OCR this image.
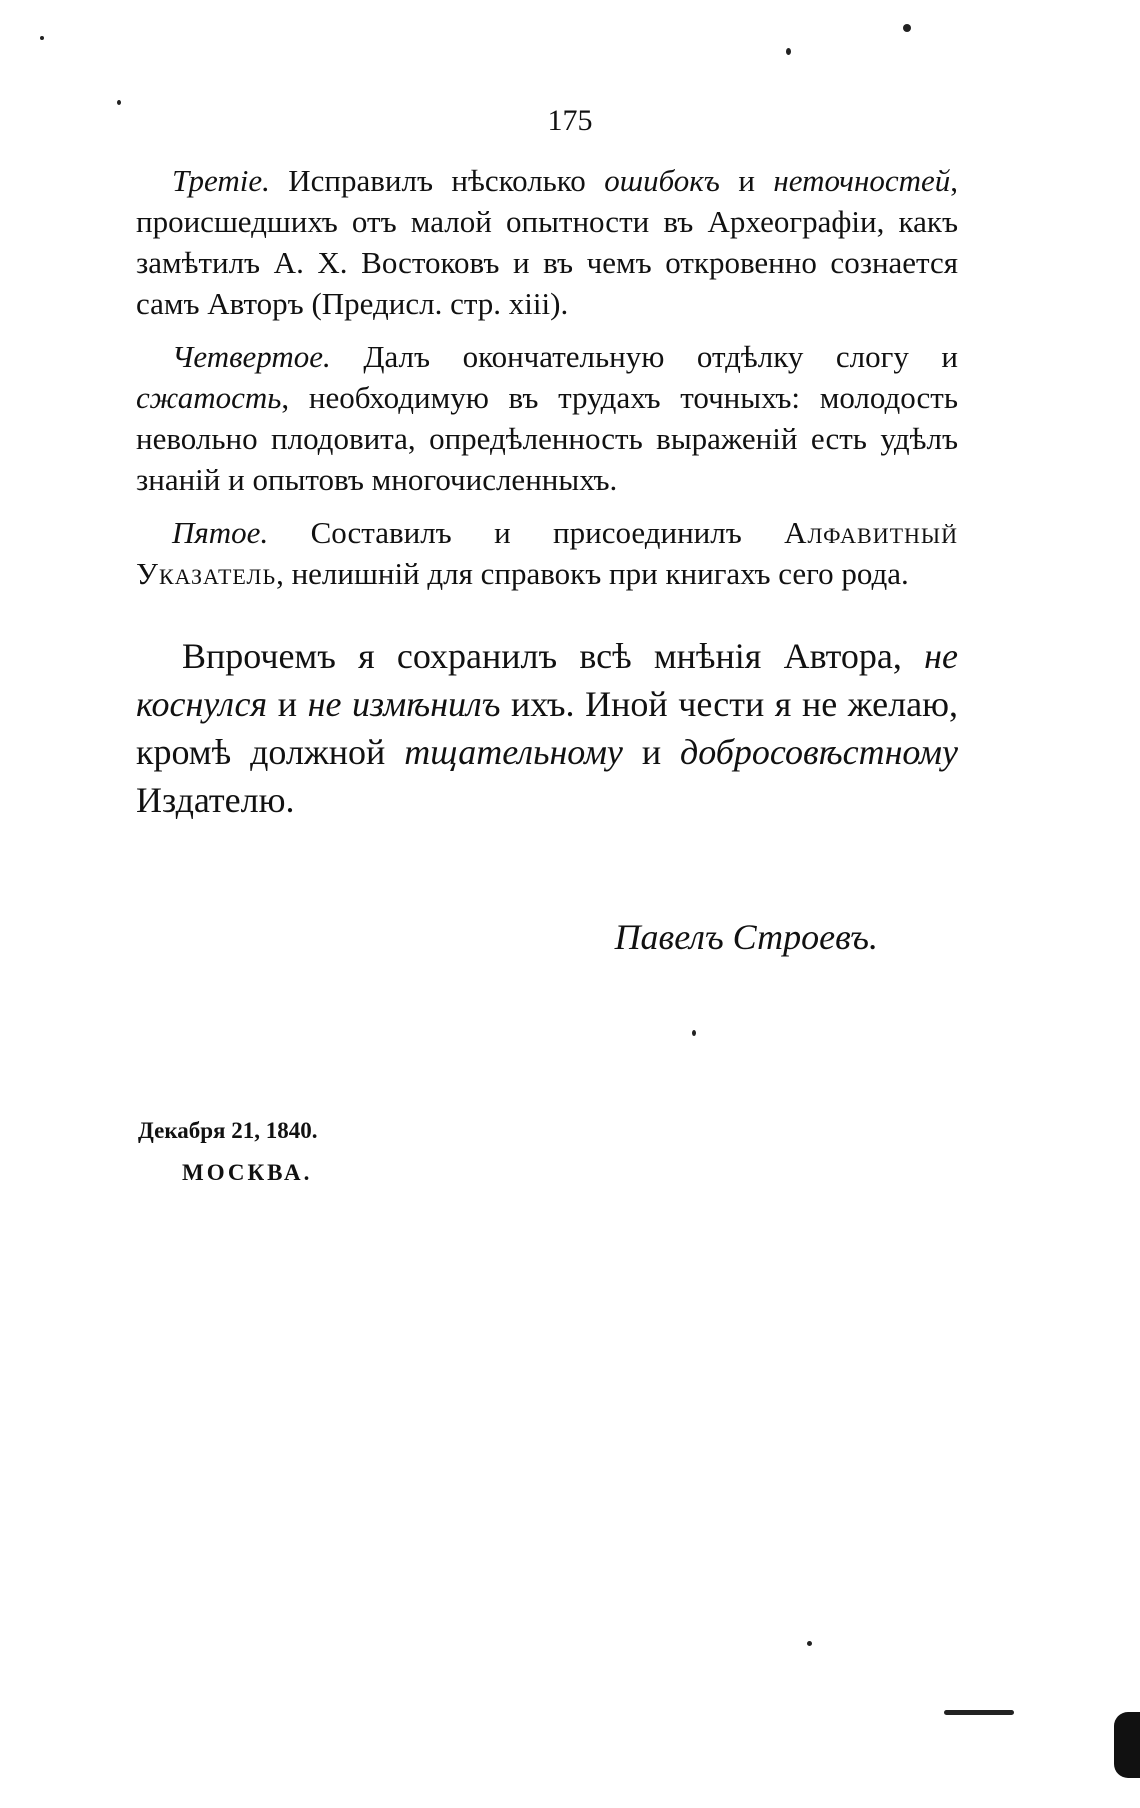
175

Третіе. Исправилъ нѣсколько ошибокъ и неточностей, происшедшихъ отъ малой опытности въ Археографіи, какъ замѣтилъ А. Х. Востоковъ и въ чемъ откровенно сознается самъ Авторъ (Предисл. стр. xiii).

Четвертое. Далъ окончательную отдѣлку слогу и сжатость, необходимую въ трудахъ точныхъ: молодость невольно плодовита, опредѣленность выраженій есть удѣлъ знаній и опытовъ многочисленныхъ.

Пятое. Составилъ и присоединилъ Алфавитный Указатель, нелишній для справокъ при книгахъ сего рода.

Впрочемъ я сохранилъ всѣ мнѣнія Автора, не коснулся и не измѣнилъ ихъ. Иной чести я не желаю, кромѣ должной тщательному и добросовѣстному Издателю.

Павелъ Строевъ.
Декабря 21, 1840.
МОСКВА.
